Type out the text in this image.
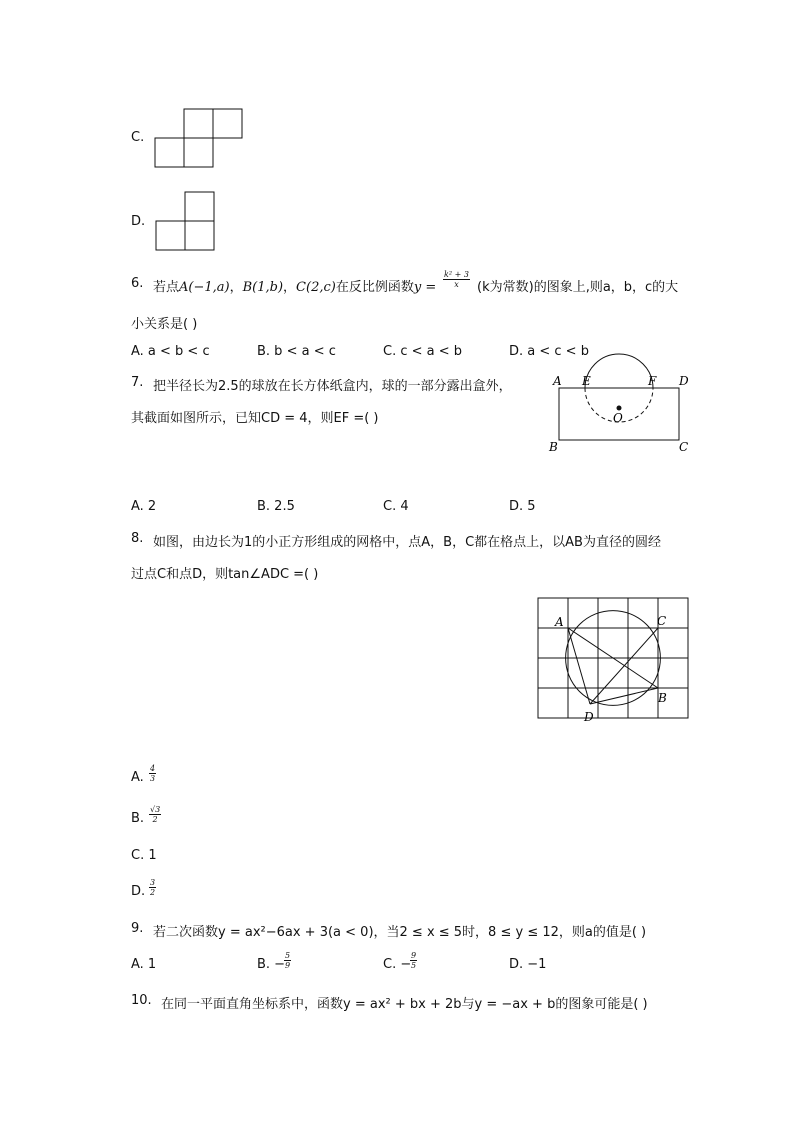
C.
D.
6. 若点A(−1,a)，B(1,b)，C(2,c)在反比例函数$y = \frac{\text{k² + 3}}{x} (k$为常数)的图象上,则a，b，c的大
小关系是( )
A. a < b < c	B. b < a < c	C. c < a < b	D. a < c < b
7. 把半径长为2.5的球放在长方体纸盒内，球的一部分露出盒外，
其截面如图所示，已知CD = 4，则EF =( )
A E	F D
B	C
O
A. 2	B. 2.5	C. 4	D. 5
8. 如图，由边长为1的小正方形组成的网格中，点A，B，C都在格点上，以AB为直径的圆经
过点C和点D，则tan∠ADC =( )
A	C
B
D
A. $\frac{4}{3}$
B. $\frac{√3}{2}$
C. 1
D. $\frac{3}{2}$
9. 若二次函数y = ax²−6ax + 3(a < 0)，当2 ≤ x ≤ 5时，8 ≤ y ≤ 12，则a的值是( )
A. 1	B. −
$\frac{5}{9}$	C. −
$\frac{9}{5}$	D. −1
10. 在同一平面直角坐标系中，函数y = ax² + bx + 2b与y = −ax + b的图象可能是( )
